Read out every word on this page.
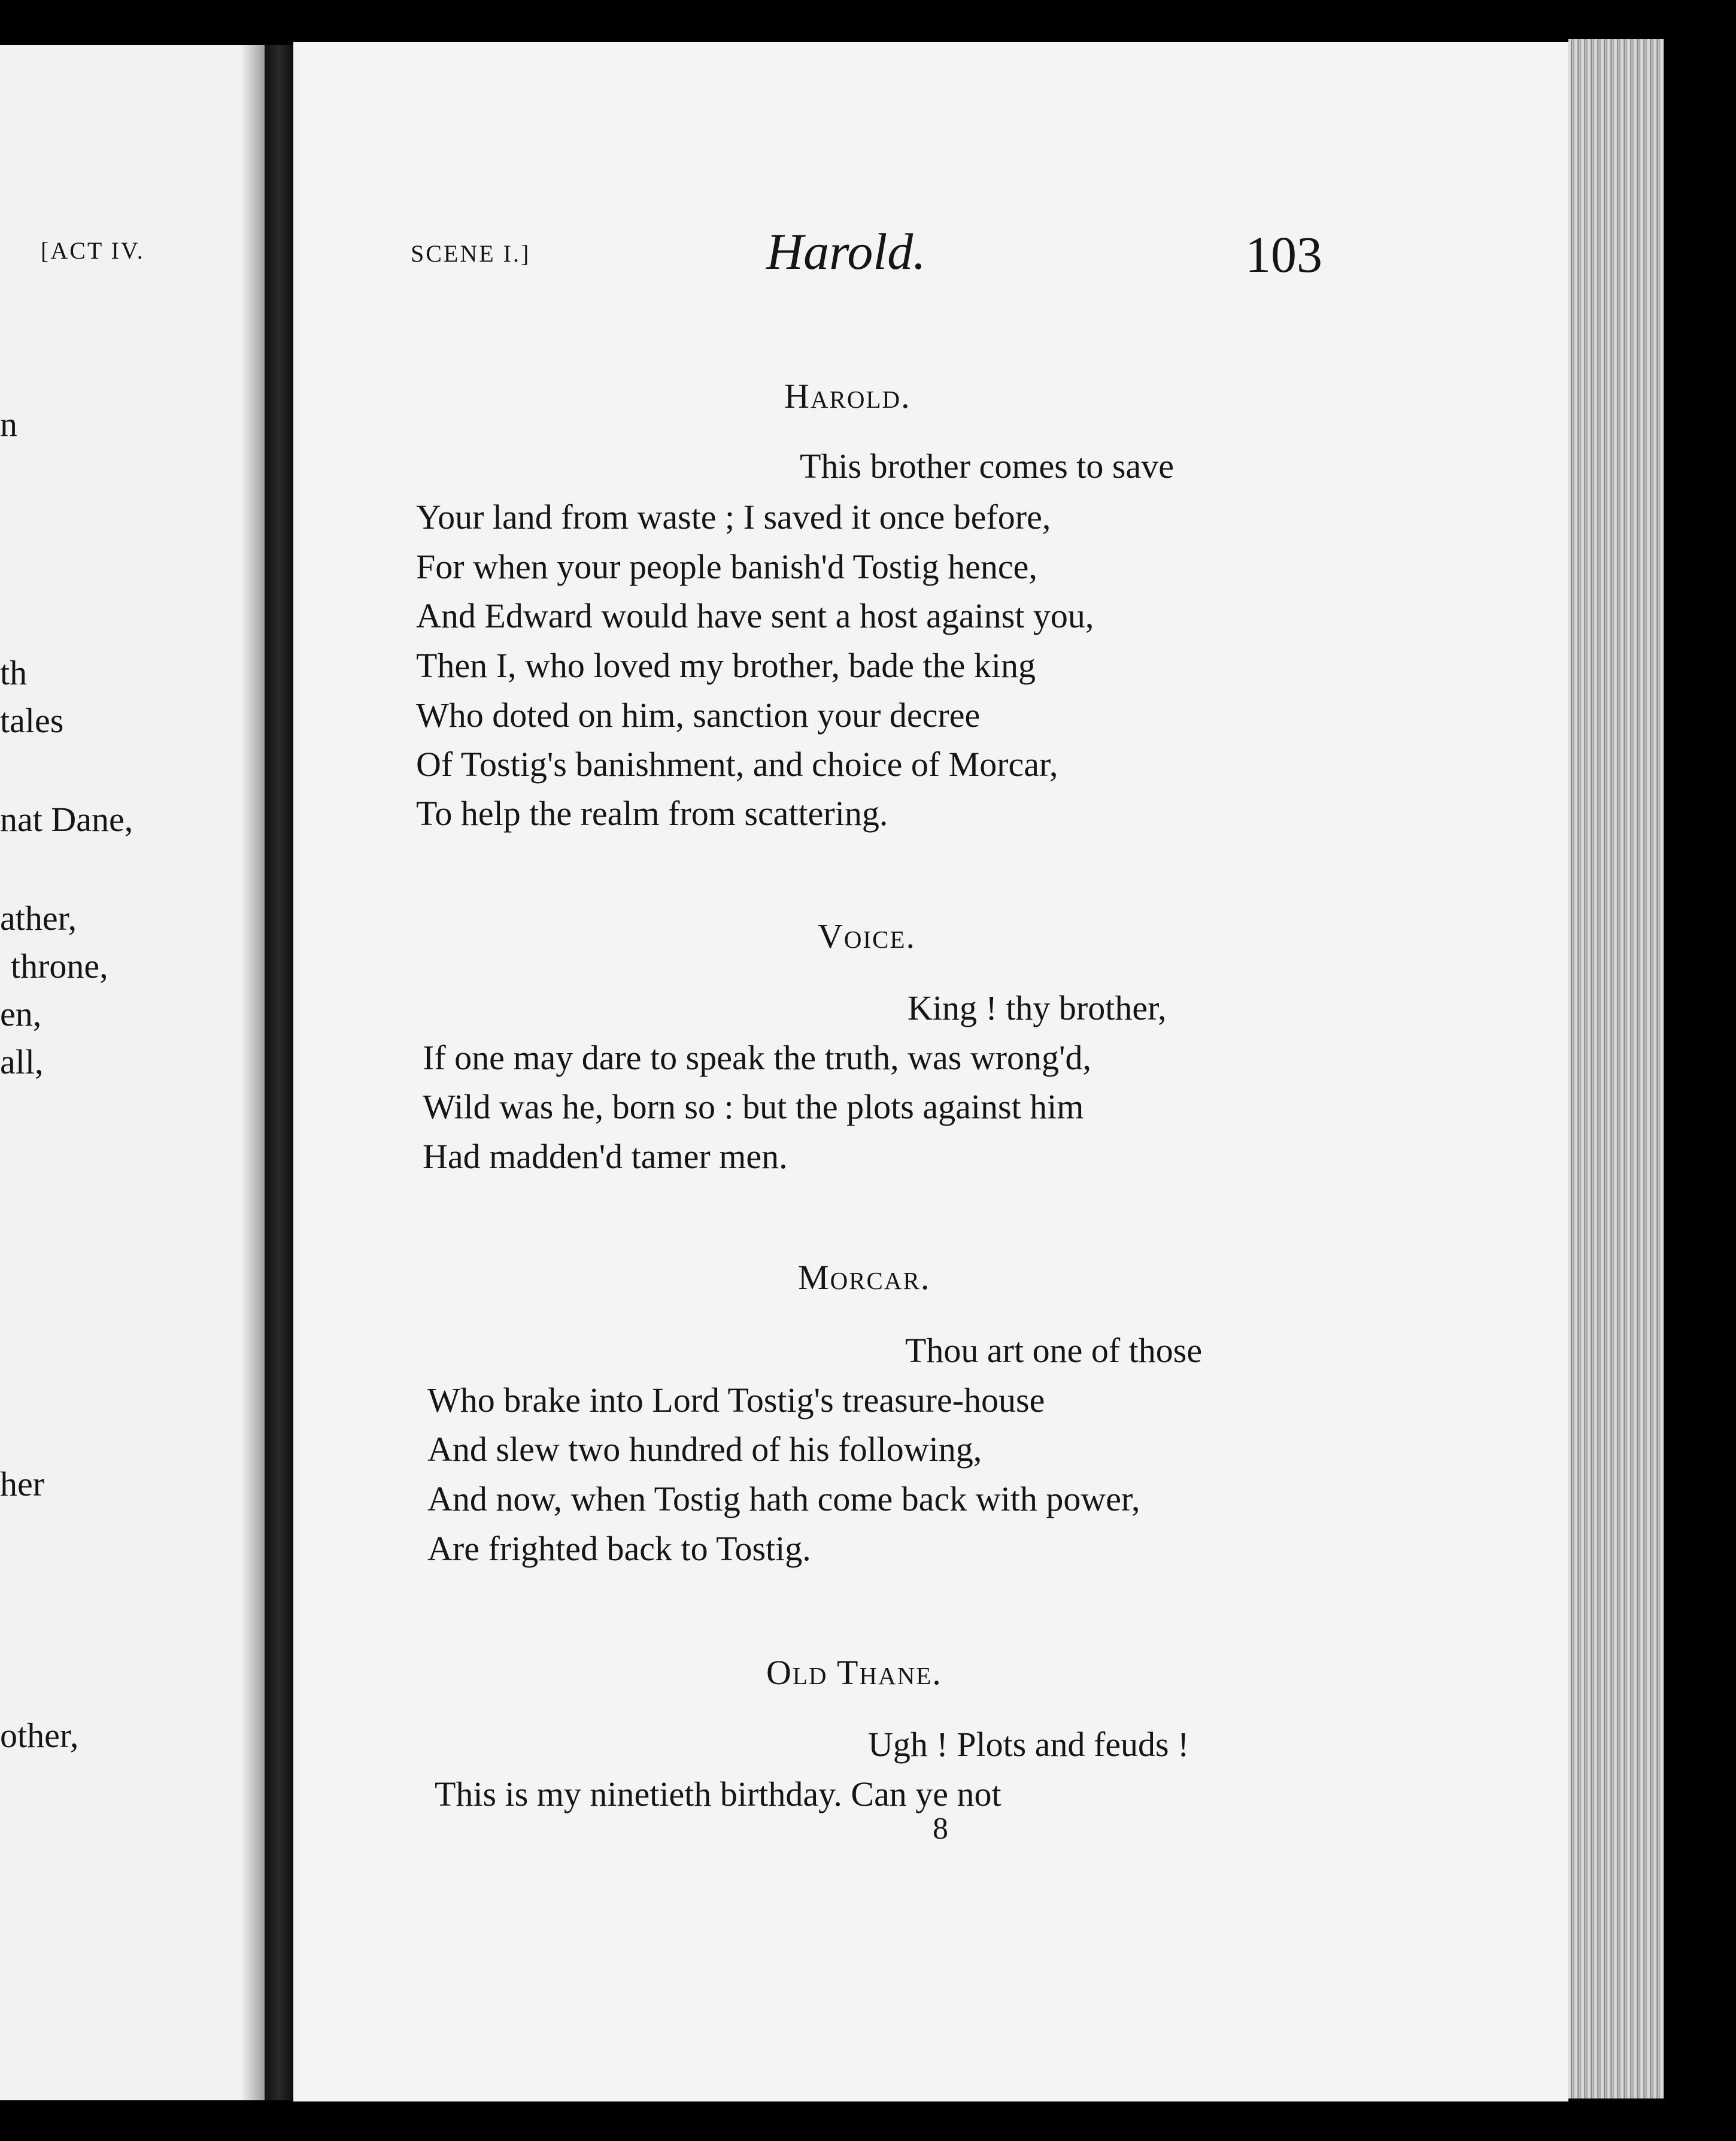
[ACT IV.
n
th
tales
nat Dane,
ather,
throne,
en,
all,
her
other,
SCENE I.]	Harold.	103
Harold.
This brother comes to save
Your land from waste ; I saved it once before,
For when your people banish'd Tostig hence,
And Edward would have sent a host against you,
Then I, who loved my brother, bade the king
Who doted on him, sanction your decree
Of Tostig's banishment, and choice of Morcar,
To help the realm from scattering.
Voice.
King ! thy brother,
If one may dare to speak the truth, was wrong'd,
Wild was he, born so : but the plots against him
Had madden'd tamer men.
Morcar.
Thou art one of those
Who brake into Lord Tostig's treasure-house
And slew two hundred of his following,
And now, when Tostig hath come back with power,
Are frighted back to Tostig.
Old Thane.
Ugh ! Plots and feuds !
This is my ninetieth birthday. Can ye not
8
